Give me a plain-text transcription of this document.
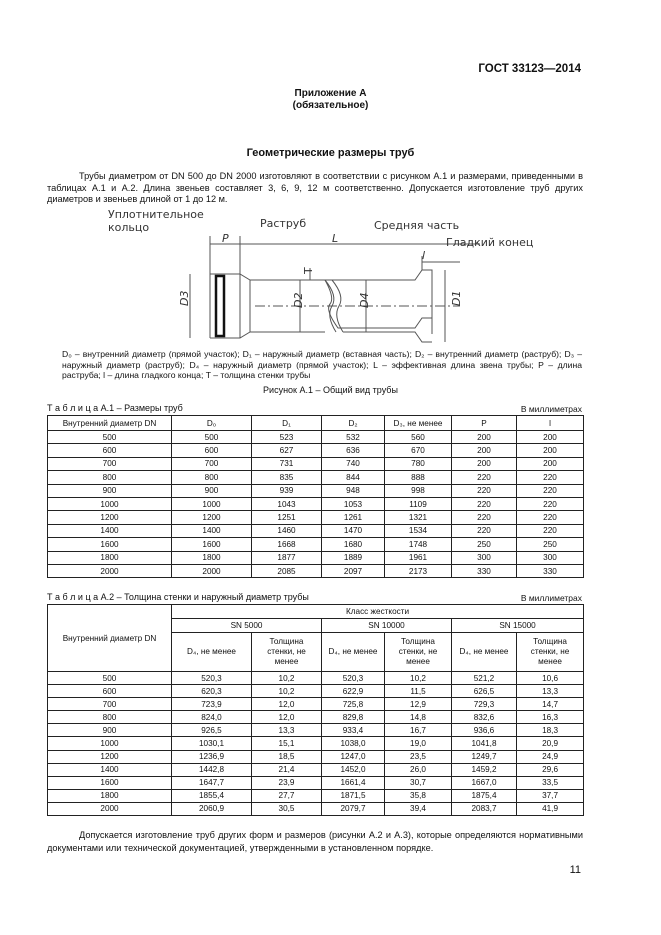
ГОСТ 33123—2014
Приложение А
(обязательное)
Геометрические размеры труб
Трубы диаметром от DN 500 до DN 2000 изготовляют в соответствии с рисунком А.1 и размерами, приведенными в таблицах А.1 и А.2. Длина звеньев составляет 3, 6, 9, 12 м соответственно. Допускается изготовление труб других диаметров и звеньев длиной от 1 до 12 м.
Уплотнительное
кольцо	Раструб	Средняя часть
Гладкий конец
P	L
l
T
D3	D2	D4	D1
D₀ – внутренний диаметр (прямой участок); D₁ – наружный диаметр (вставная часть); D₂ – внутренний диаметр (раструб); D₃ – наружный диаметр (раструб); D₄ – наружный диаметр (прямой участок); L – эффективная длина звена трубы; P – длина раструба; l – длина гладкого конца; T – толщина стенки трубы
Рисунок А.1 – Общий вид трубы
Т а б л и ц а А.1 – Размеры труб	В миллиметрах
Внутренний диаметр DN	D₀	D₁	D₂	D₃, не менее	P	l
500	500	523	532	560	200	200
600	600	627	636	670	200	200
700	700	731	740	780	200	200
800	800	835	844	888	220	220
900	900	939	948	998	220	220
1000	1000	1043	1053	1109	220	220
1200	1200	1251	1261	1321	220	220
1400	1400	1460	1470	1534	220	220
1600	1600	1668	1680	1748	250	250
1800	1800	1877	1889	1961	300	300
2000	2000	2085	2097	2173	330	330
Т а б л и ц а А.2 – Толщина стенки и наружный диаметр трубы	В миллиметрах
Внутренний диаметр DN	Класс жесткости					
	SN 5000		SN 10000		SN 15000	
	D₄, не менее	Толщина стенки, не менее	D₄, не менее	Толщина стенки, не менее	D₄, не менее	Толщина стенки, не менее
500	520,3	10,2	520,3	10,2	521,2	10,6
600	620,3	10,2	622,9	11,5	626,5	13,3
700	723,9	12,0	725,8	12,9	729,3	14,7
800	824,0	12,0	829,8	14,8	832,6	16,3
900	926,5	13,3	933,4	16,7	936,6	18,3
1000	1030,1	15,1	1038,0	19,0	1041,8	20,9
1200	1236,9	18,5	1247,0	23,5	1249,7	24,9
1400	1442,8	21,4	1452,0	26,0	1459,2	29,6
1600	1647,7	23,9	1661,4	30,7	1667,0	33,5
1800	1855,4	27,7	1871,5	35,8	1875,4	37,7
2000	2060,9	30,5	2079,7	39,4	2083,7	41,9
Допускается изготовление труб других форм и размеров (рисунки А.2 и А.3), которые определяются нормативными документами или технической документацией, утвержденными в установленном порядке.
11
